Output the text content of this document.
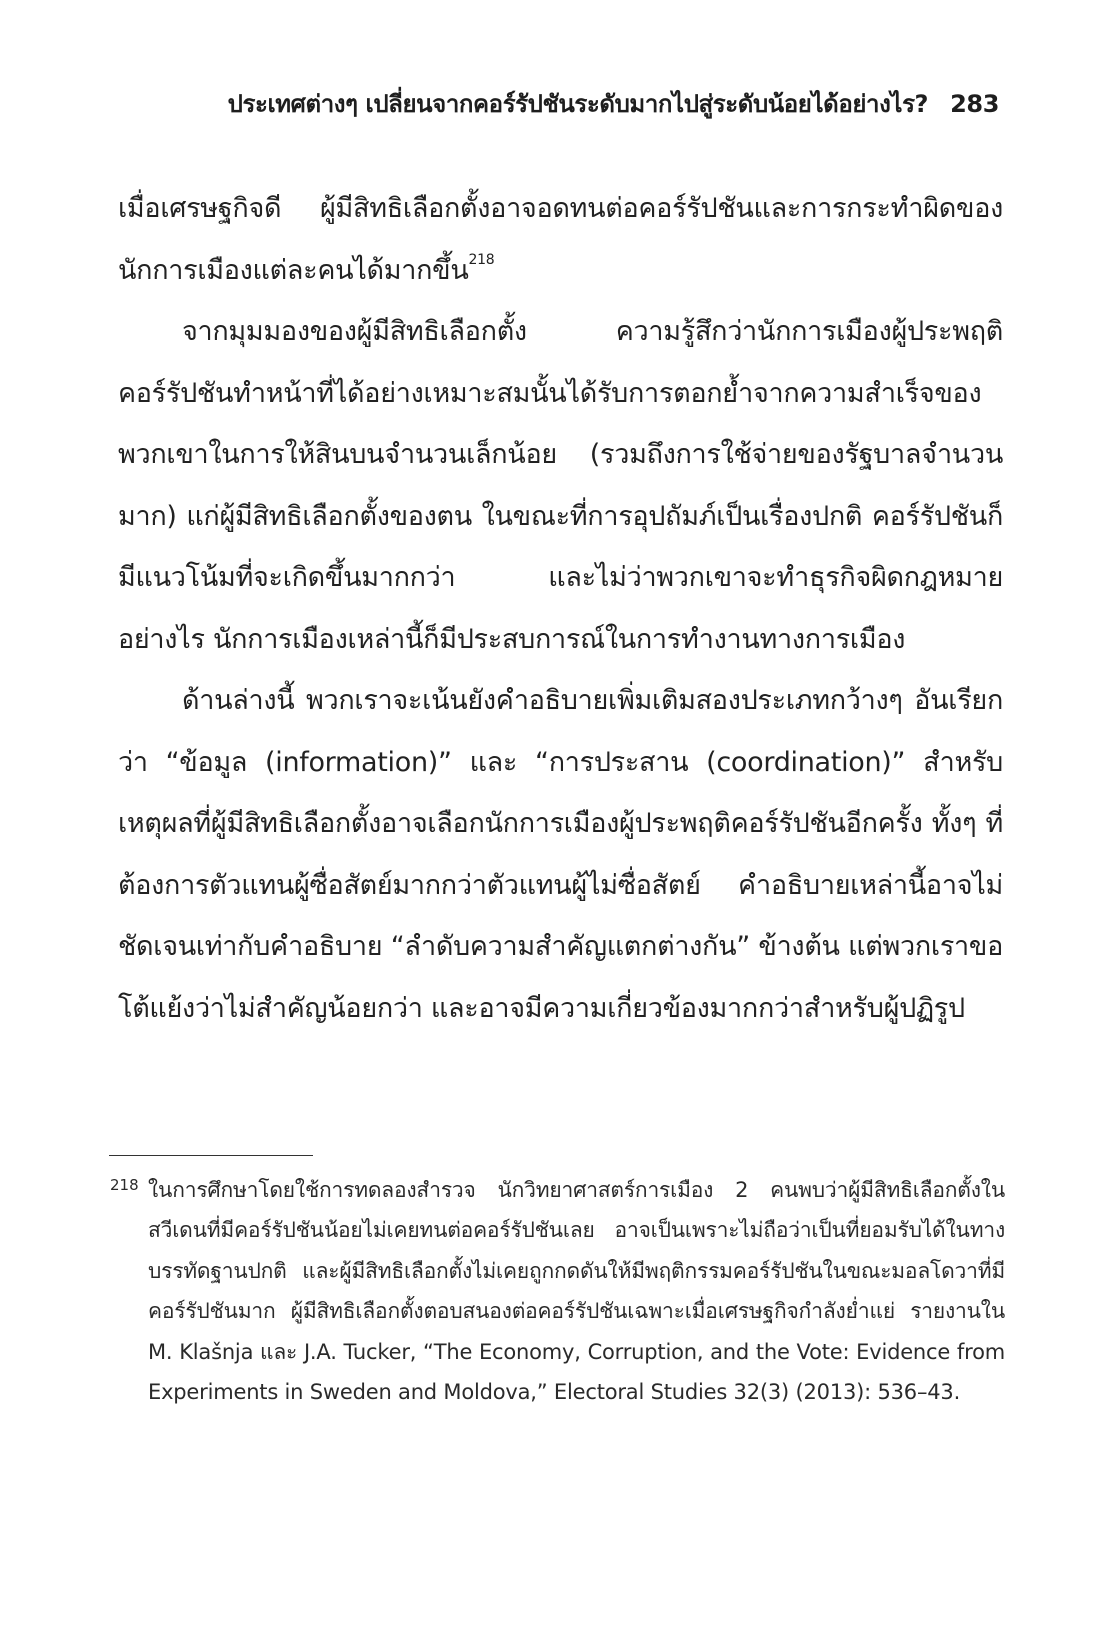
ประเทศต่างๆ เปลี่ยนจากคอร์รัปชันระดับมากไปสู่ระดับน้อยได้อย่างไร? 283

เมื่อเศรษฐกิจดี ผู้มีสิทธิเลือกตั้งอาจอดทนต่อคอร์รัปชันและการกระทำผิดของนักการเมืองแต่ละคนได้มากขึ้น$^{218}$

จากมุมมองของผู้มีสิทธิเลือกตั้ง ความรู้สึกว่านักการเมืองผู้ประพฤติคอร์รัปชันทำหน้าที่ได้อย่างเหมาะสมนั้นได้รับการตอกย้ำจากความสำเร็จของพวกเขาในการให้สินบนจำนวนเล็กน้อย (รวมถึงการใช้จ่ายของรัฐบาลจำนวนมาก) แก่ผู้มีสิทธิเลือกตั้งของตน ในขณะที่การอุปถัมภ์เป็นเรื่องปกติ คอร์รัปชันก็มีแนวโน้มที่จะเกิดขึ้นมากกว่า และไม่ว่าพวกเขาจะทำธุรกิจผิดกฎหมายอย่างไร นักการเมืองเหล่านี้ก็มีประสบการณ์ในการทำงานทางการเมือง

ด้านล่างนี้ พวกเราจะเน้นยังคำอธิบายเพิ่มเติมสองประเภทกว้างๆ อันเรียกว่า “ข้อมูล (information)” และ “การประสาน (coordination)” สำหรับเหตุผลที่ผู้มีสิทธิเลือกตั้งอาจเลือกนักการเมืองผู้ประพฤติคอร์รัปชันอีกครั้ง ทั้งๆ ที่ต้องการตัวแทนผู้ซื่อสัตย์มากกว่าตัวแทนผู้ไม่ซื่อสัตย์ คำอธิบายเหล่านี้อาจไม่ชัดเจนเท่ากับคำอธิบาย “ลำดับความสำคัญแตกต่างกัน” ข้างต้น แต่พวกเราขอโต้แย้งว่าไม่สำคัญน้อยกว่า และอาจมีความเกี่ยวข้องมากกว่าสำหรับผู้ปฏิรูป

218 ในการศึกษาโดยใช้การทดลองสำรวจ นักวิทยาศาสตร์การเมือง 2 คนพบว่าผู้มีสิทธิเลือกตั้งในสวีเดนที่มีคอร์รัปชันน้อยไม่เคยทนต่อคอร์รัปชันเลย อาจเป็นเพราะไม่ถือว่าเป็นที่ยอมรับได้ในทางบรรทัดฐานปกติ และผู้มีสิทธิเลือกตั้งไม่เคยถูกกดดันให้มีพฤติกรรมคอร์รัปชันในขณะมอลโดวาที่มีคอร์รัปชันมาก ผู้มีสิทธิเลือกตั้งตอบสนองต่อคอร์รัปชันเฉพาะเมื่อเศรษฐกิจกำลังย่ำแย่ รายงานใน M. Klašnja และ J.A. Tucker, “The Economy, Corruption, and the Vote: Evidence from Experiments in Sweden and Moldova,” Electoral Studies 32(3) (2013): 536–43.
